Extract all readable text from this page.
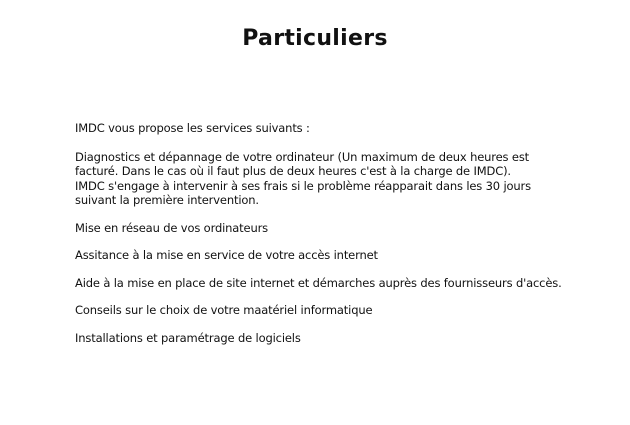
Particuliers

IMDC vous propose les services suivants :

Diagnostics et dépannage de votre ordinateur (Un maximum de deux heures est
facturé. Dans le cas où il faut plus de deux heures c'est à la charge de IMDC).
IMDC s'engage à intervenir à ses frais si le problème réapparait dans les 30 jours
suivant la première intervention.
Mise en réseau de vos ordinateurs
Assitance à la mise en service de votre accès internet
Aide à la mise en place de site internet et démarches auprès des fournisseurs d'accès.
Conseils sur le choix de votre maatériel informatique
Installations et paramétrage de logiciels
